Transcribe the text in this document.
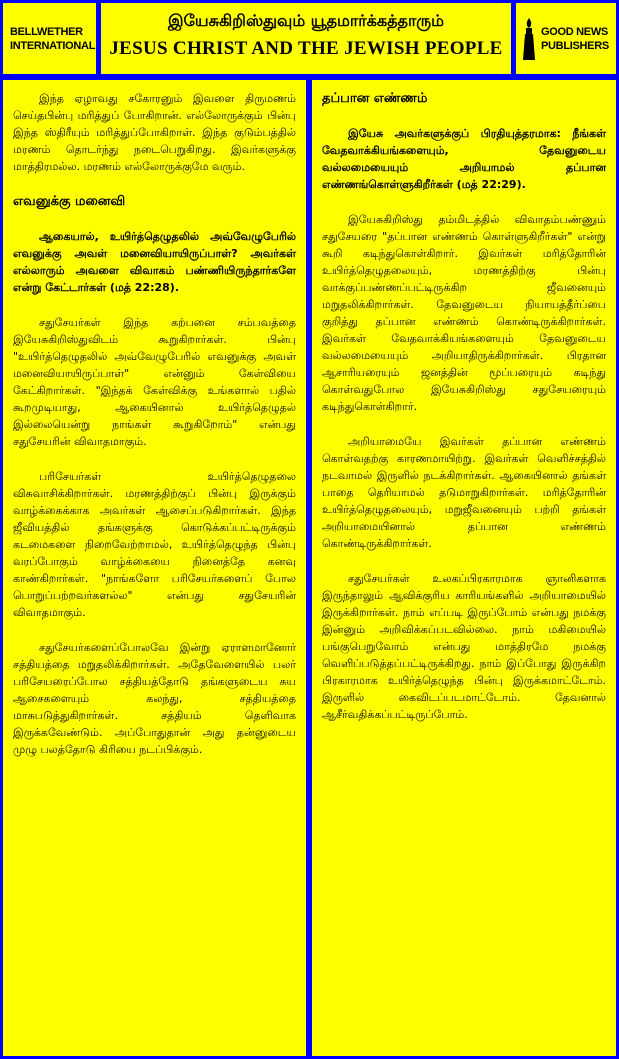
BELLWETHER
INTERNATIONAL
இயேசுகிறிஸ்துவும் யூதமார்க்கத்தாரும்
JESUS CHRIST AND THE JEWISH PEOPLE
GOOD NEWS
PUBLISHERS

இந்த ஏழாவது சகோரனும் இவளை திருமணம் செய்தபின்பு மரித்துப் போகிறான். எல்லோருக்கும் பின்பு இந்த ஸ்திரீயும் மரித்துப்போகிறாள். இந்த குடும்பத்தில் மரணம் தொடர்ந்து நடைபெறுகிறது. இவர்களுக்கு மாத்திரமல்ல. மரணம் எல்லோருக்குமே வரும்.

எவனுக்கு மனைவி
ஆகையால், உயிர்த்தெழுதலில் அவ்வேழுபேரில் எவனுக்கு அவள் மனைவியாயிருப்பாள்? அவர்கள் எல்லாரும் அவளை விவாகம் பண்ணியிருந்தார்களே என்று கேட்டார்கள் (மத் 22:28).

சதுசேயர்கள் இந்த கற்பனை சம்பவத்தை இயேசுகிறிஸ்துவிடம் கூறுகிறார்கள். பின்பு "உயிர்த்தெழுதலில் அவ்வேழுபேரில் எவனுக்கு அவள் மனைவியாயிருப்பாள்" என்னும் கேள்வியை கேட்கிறார்கள். "இந்தக் கேள்விக்கு உங்களால் பதில் கூறமுடியாது, ஆகையினால் உயிர்த்தெழுதல் இல்லையென்று நாங்கள் கூறுகிறோம்" என்பது சதுசேயரின் விவாதமாகும்.

பரிசேயர்கள் உயிர்த்தெழுதலை விசுவாசிக்கிறார்கள். மரணத்திற்குப் பின்பு இருக்கும் வாழ்க்கைக்காக அவர்கள் ஆசைப்படுகிறார்கள். இந்த ஜீவியத்தில் தங்களுக்கு கொடுக்கப்பட்டிருக்கும் கடமைகளை நிறைவேற்றாமல், உயிர்த்தெழுந்த பின்பு வரப்போகும் வாழ்க்கையை நினைத்தே கனவு காண்கிறார்கள். "நாங்களோ பரிசேயர்களைப் போல பொறுப்பற்றவர்களல்ல" என்பது சதுசேயரின் விவாதமாகும்.

சதுசேயர்களைப்போலவே இன்று ஏராளமானோர் சத்தியத்தை மறுதலிக்கிறார்கள். அதேவேளையில் பலர் பரிசேயரைப்போல சத்தியத்தோடு தங்களுடைய சுய ஆசைகளையும் கலந்து, சத்தியத்தை மாசுபடுத்துகிறார்கள். சத்தியம் தெளிவாக இருக்கவேண்டும். அப்போதுதான் அது தன்னுடைய முழு பலத்தோடு கிரியை நடப்பிக்கும்.

தப்பான எண்ணம்
இயேசு அவர்களுக்குப் பிரதியுத்தரமாக: நீங்கள் வேதவாக்கியங்களையும், தேவனுடைய வல்லமையையும் அறியாமல் தப்பான எண்ணங்கொள்ளுகிறீர்கள் (மத் 22:29).

இயேசுகிறிஸ்து தம்மிடத்தில் விவாதம்பண்ணும் சதுசேயரை "தப்பான எண்ணம் கொள்ளுகிறீர்கள்" என்று கூறி கடிந்துகொள்கிறார். இவர்கள் மரித்தோரின் உயிர்த்தெழுதலையும், மரணத்திற்கு பின்பு வாக்குப்பண்ணப்பட்டிருக்கிற ஜீவனையும் மறுதலிக்கிறார்கள். தேவனுடைய நியாயத்தீர்ப்பை குறித்து தப்பான எண்ணம் கொண்டிருக்கிறார்கள். இவர்கள் வேதவாக்கியங்களையும் தேவனுடைய வல்லமையையும் அறியாதிருக்கிறார்கள். பிரதான ஆசாரியரையும் ஜனத்தின் மூப்பரையும் கடிந்து கொள்வதுபோல இயேசுகிறிஸ்து சதுசேயரையும் கடிந்துகொள்கிறார்.

அறியாமையே இவர்கள் தப்பான எண்ணம் கொள்வதற்கு காரணமாயிற்று. இவர்கள் வெளிச்சத்தில் நடவாமல் இருளில் நடக்கிறார்கள். ஆகையினால் தங்கள் பாதை தெரியாமல் தடுமாறுகிறார்கள். மரித்தோரின் உயிர்த்தெழுதலையும், மறுஜீவனையும் பற்றி தங்கள் அறியாமையினால் தப்பான எண்ணம் கொண்டிருக்கிறார்கள்.

சதுசேயர்கள் உலகப்பிரகாரமாக ஞானிகளாக இருந்தாலும் ஆவிக்குரிய காரியங்களில் அறியாமையில் இருக்கிறார்கள். நாம் எப்படி இருப்போம் என்பது நமக்கு இன்னும் அறிவிக்கப்படவில்லை. நாம் மகிமையில் பங்குபெறுவோம் என்பது மாத்திரமே நமக்கு வெளிப்படுத்தப்பட்டிருக்கிறது. நாம் இப்போது இருக்கிற பிரகாரமாக உயிர்த்தெழுந்த பின்பு இருக்கமாட்டோம். இருளில் கைவிடப்படமாட்டோம். தேவனால் ஆசீர்வதிக்கப்பட்டிருப்போம்.
